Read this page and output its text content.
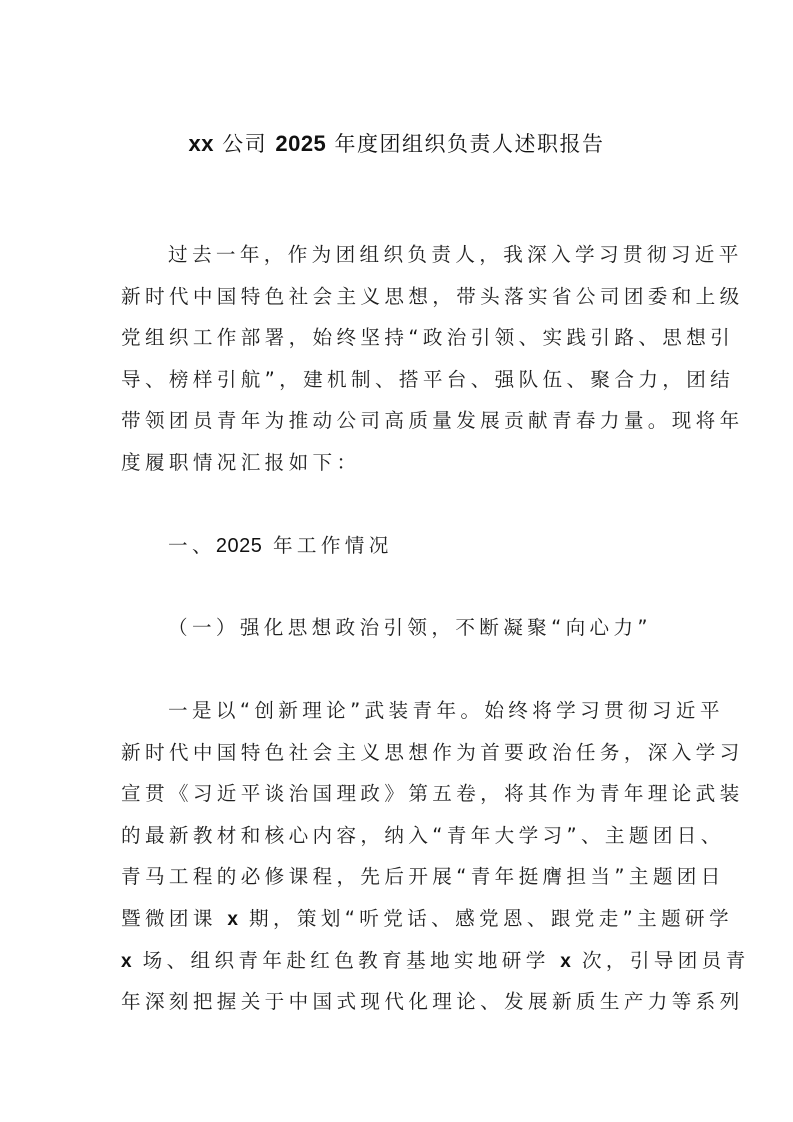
xx 公司 2025 年度团组织负责人述职报告
过去一年，作为团组织负责人，我深入学习贯彻习近平
新时代中国特色社会主义思想，带头落实省公司团委和上级
党组织工作部署，始终坚持“政治引领、实践引路、思想引
导、榜样引航”，建机制、搭平台、强队伍、聚合力，团结
带领团员青年为推动公司高质量发展贡献青春力量。现将年
度履职情况汇报如下：
一、2025 年工作情况
（一）强化思想政治引领，不断凝聚“向心力”
一是以“创新理论”武装青年。始终将学习贯彻习近平
新时代中国特色社会主义思想作为首要政治任务，深入学习
宣贯《习近平谈治国理政》第五卷，将其作为青年理论武装
的最新教材和核心内容，纳入“青年大学习”、主题团日、
青马工程的必修课程，先后开展“青年挺膺担当”主题团日
暨微团课 x 期，策划“听党话、感党恩、跟党走”主题研学
x 场、组织青年赴红色教育基地实地研学 x 次，引导团员青
年深刻把握关于中国式现代化理论、发展新质生产力等系列
